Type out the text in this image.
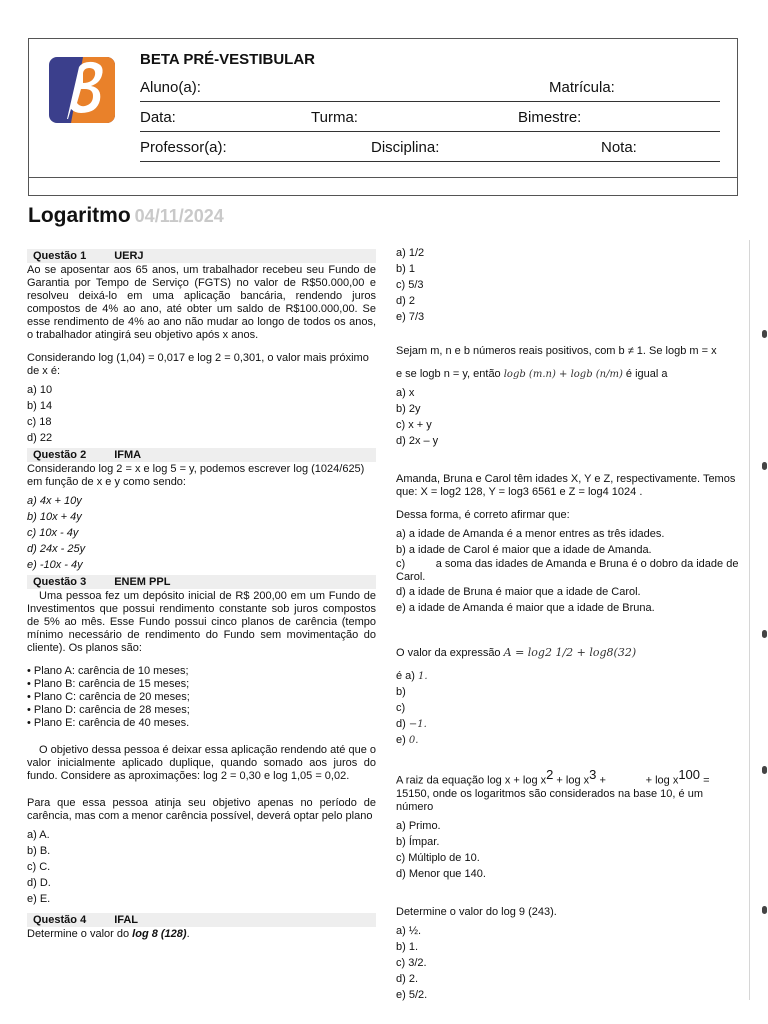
BETA PRÉ-VESTIBULAR
Aluno(a):	Matrícula:
Data:	Turma:	Bimestre:
Professor(a):	Disciplina:	Nota:
Logaritmo 04/11/2024
Questão 1	UERJ

Ao se aposentar aos 65 anos, um trabalhador recebeu seu Fundo de Garantia por Tempo de Serviço (FGTS) no valor de R$50.000,00 e resolveu deixá-lo em uma aplicação bancária, rendendo juros compostos de 4% ao ano, até obter um saldo de R$100.000,00. Se esse rendimento de 4% ao ano não mudar ao longo de todos os anos, o trabalhador atingirá seu objetivo após x anos.

Considerando log (1,04) = 0,017 e log 2 = 0,301, o valor mais próximo de x é:

a) 10
b) 14
c) 18
d) 22
Questão 2	IFMA

Considerando log 2 = x e log 5 = y, podemos escrever log (1024/625) em função de x e y como sendo:

a) 4x + 10y
b) 10x + 4y
c) 10x - 4y
d) 24x - 25y
e) -10x - 4y
Questão 3	ENEM PPL

Uma pessoa fez um depósito inicial de R$ 200,00 em um Fundo de Investimentos que possui rendimento constante sob juros compostos de 5% ao mês. Esse Fundo possui cinco planos de carência (tempo mínimo necessário de rendimento do Fundo sem movimentação do cliente). Os planos são:

• Plano A: carência de 10 meses;

• Plano B: carência de 15 meses;

• Plano C: carência de 20 meses;

• Plano D: carência de 28 meses;

• Plano E: carência de 40 meses.

O objetivo dessa pessoa é deixar essa aplicação rendendo até que o valor inicialmente aplicado duplique, quando somado aos juros do fundo. Considere as aproximações: log 2 = 0,30 e log 1,05 = 0,02.

Para que essa pessoa atinja seu objetivo apenas no período de carência, mas com a menor carência possível, deverá optar pelo plano

a) A.
b) B.
c) C.
d) D.
e) E.
Questão 4	IFAL

Determine o valor do log 8 (128).

a) 1/2
b) 1
c) 5/3
d) 2
e) 7/3

Sejam m, n e b números reais positivos, com b ≠ 1. Se logb m = x

e se logb n = y, então logb (m.n) + logb (n/m) é igual a

a) x
b) 2y
c) x + y
d) 2x – y

Amanda, Bruna e Carol têm idades X, Y e Z, respectivamente. Temos que: X = log2 128, Y = log3 6561 e Z = log4 1024 .

Dessa forma, é correto afirmar que:

a) a idade de Amanda é a menor entres as três idades.
b) a idade de Carol é maior que a idade de Amanda.

c)          a soma das idades de Amanda e Bruna é o dobro da idade de Carol.

d) a idade de Bruna é maior que a idade de Carol.
e) a idade de Amanda é maior que a idade de Bruna.

O valor da expressão A = log2 1/2 + log8(32)

é a) 1.
b)
c)
d) −1.
e) 0.

A raiz da equação $\log x + \log x^2 + \log x^3$ +             + $\log x^{100}$ =

15150, onde os logaritmos são considerados na base 10, é um número

a) Primo.
b) Ímpar.
c) Múltiplo de 10.
d) Menor que 140.

Determine o valor do log 9 (243).

a) ½.
b) 1.
c) 3/2.
d) 2.
e) 5/2.
